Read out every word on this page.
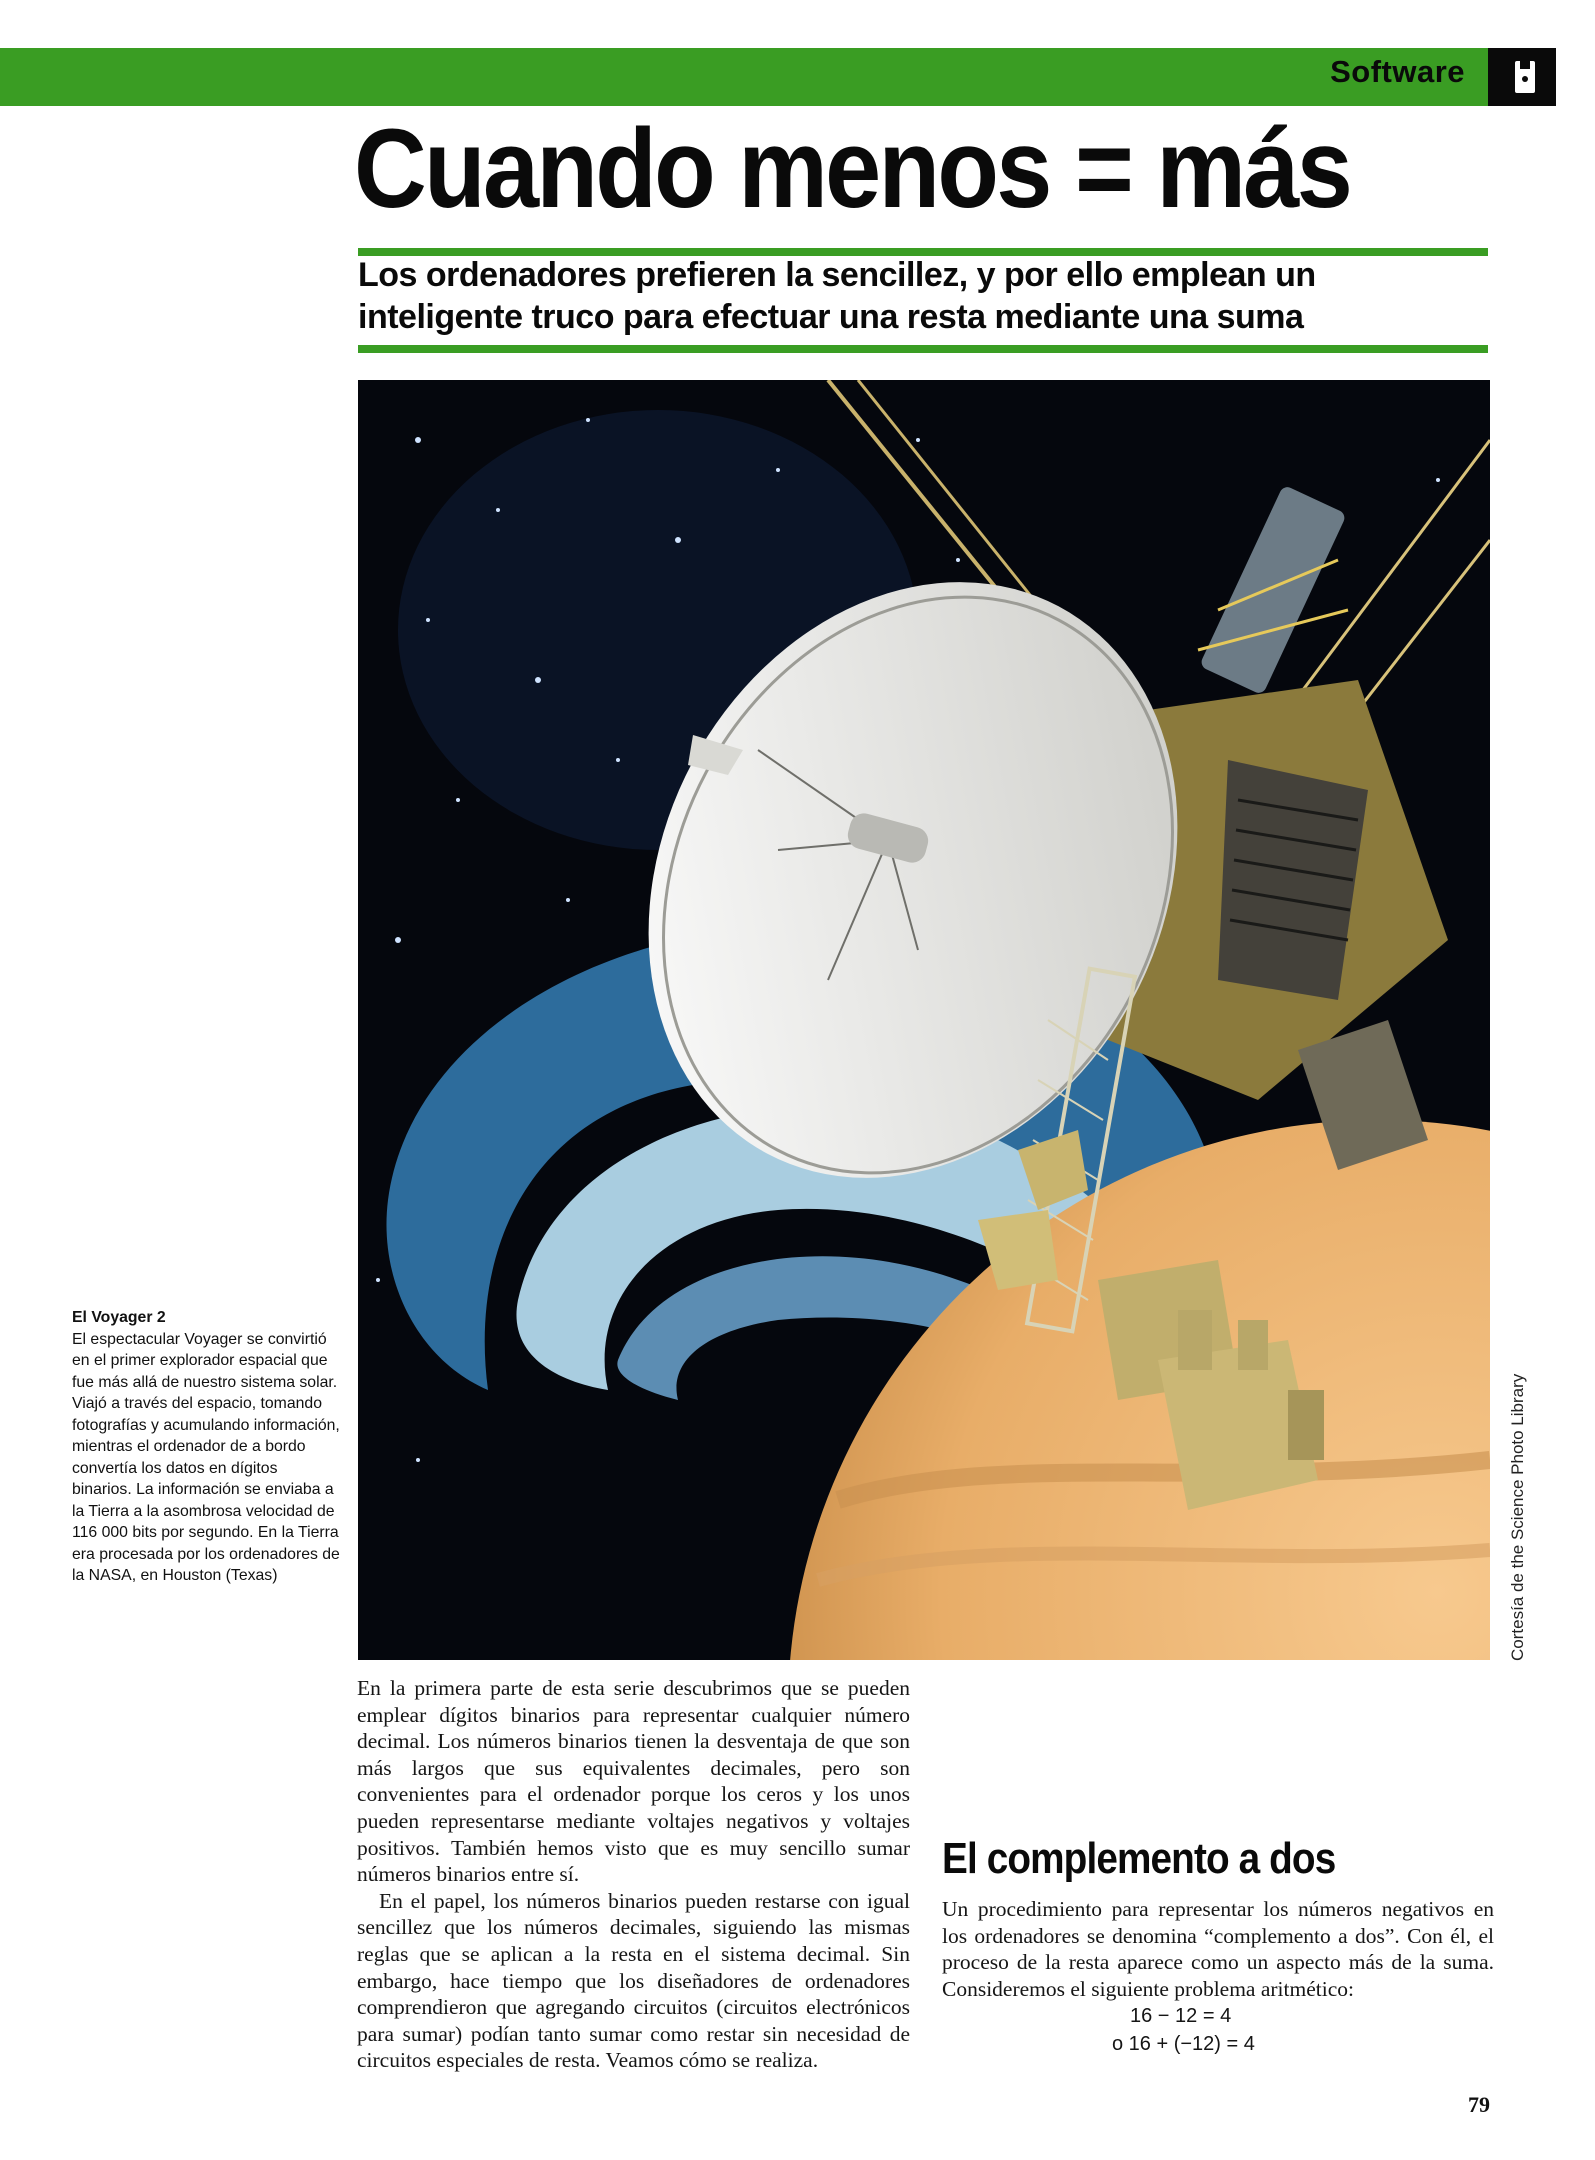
Software
Cuando menos = más

Los ordenadores prefieren la sencillez, y por ello emplean un inteligente truco para efectuar una resta mediante una suma

Cortesía de the Science Photo Library
El Voyager 2
El espectacular Voyager se convirtió en el primer explorador espacial que fue más allá de nuestro sistema solar. Viajó a través del espacio, tomando fotografías y acumulando información, mientras el ordenador de a bordo convertía los datos en dígitos binarios. La información se enviaba a la Tierra a la asombrosa velocidad de 116 000 bits por segundo. En la Tierra era procesada por los ordenadores de la NASA, en Houston (Texas)

En la primera parte de esta serie descubrimos que se pueden emplear dígitos binarios para representar cualquier número decimal. Los números binarios tienen la desventaja de que son más largos que sus equivalentes decimales, pero son convenientes para el ordenador porque los ceros y los unos pueden representarse mediante voltajes negativos y voltajes positivos. También hemos visto que es muy sencillo sumar números binarios entre sí.

En el papel, los números binarios pueden restarse con igual sencillez que los números decimales, siguiendo las mismas reglas que se aplican a la resta en el sistema decimal. Sin embargo, hace tiempo que los diseñadores de ordenadores comprendieron que agregando circuitos (circuitos electrónicos para sumar) podían tanto sumar como restar sin necesidad de circuitos especiales de resta. Veamos cómo se realiza.

El complemento a dos

Un procedimiento para representar los números negativos en los ordenadores se denomina “complemento a dos”. Con él, el proceso de la resta aparece como un aspecto más de la suma. Consideremos el siguiente problema aritmético:

16 − 12 = 4
o 16 + (−12) = 4
79
